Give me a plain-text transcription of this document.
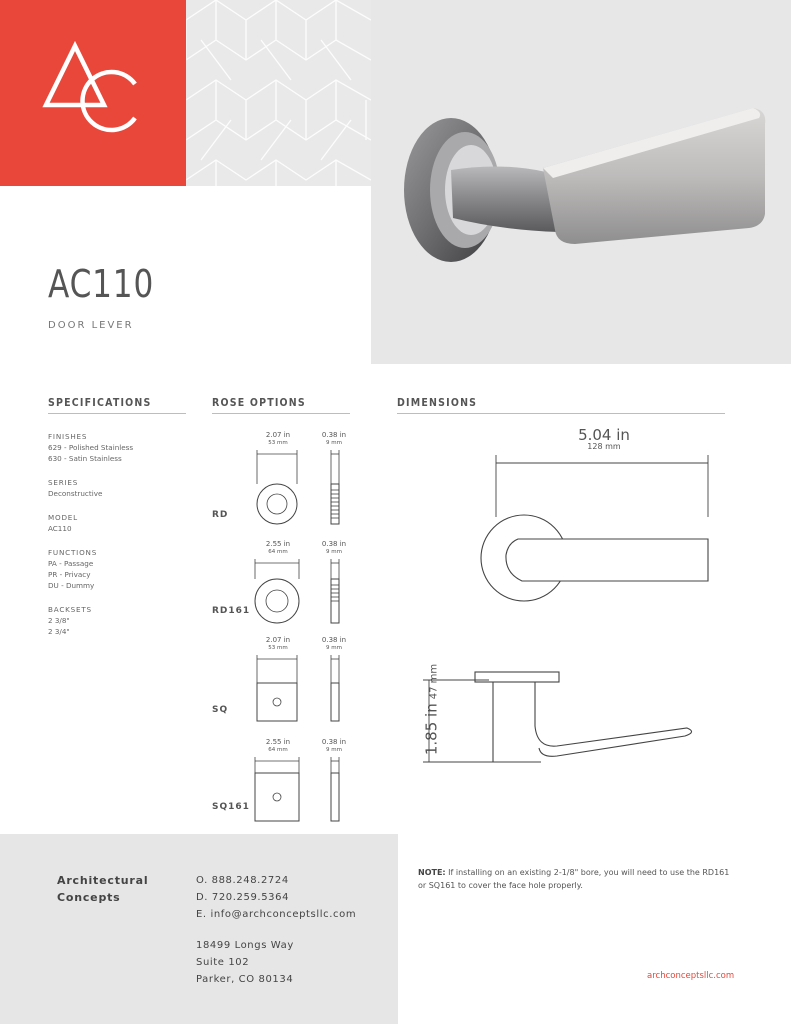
AC110
DOOR LEVER
SPECIFICATIONS	ROSE OPTIONS	DIMENSIONS
FINISHES
629 - Polished Stainless
630 - Satin Stainless
SERIES
Deconstructive
MODEL
AC110
FUNCTIONS
PA - Passage
PR - Privacy
DU - Dummy
BACKSETS
2 3/8"
2 3/4"
RD
2.07 in
53 mm
0.38 in
9 mm
RD161
2.55 in
64 mm
0.38 in
9 mm
SQ
2.07 in
53 mm
0.38 in
9 mm
SQ161
2.55 in
64 mm
0.38 in
9 mm
5.04 in
128 mm
1.85 in47 mm
Architectural
Concepts
O. 888.248.2724
D. 720.259.5364
E. info@archconceptsllc.com
18499 Longs Way
Suite 102
Parker, CO 80134
NOTE: If installing on an existing 2-1/8" bore, you will need to use the RD161 or SQ161 to cover the face hole properly.
archconceptsllc.com
